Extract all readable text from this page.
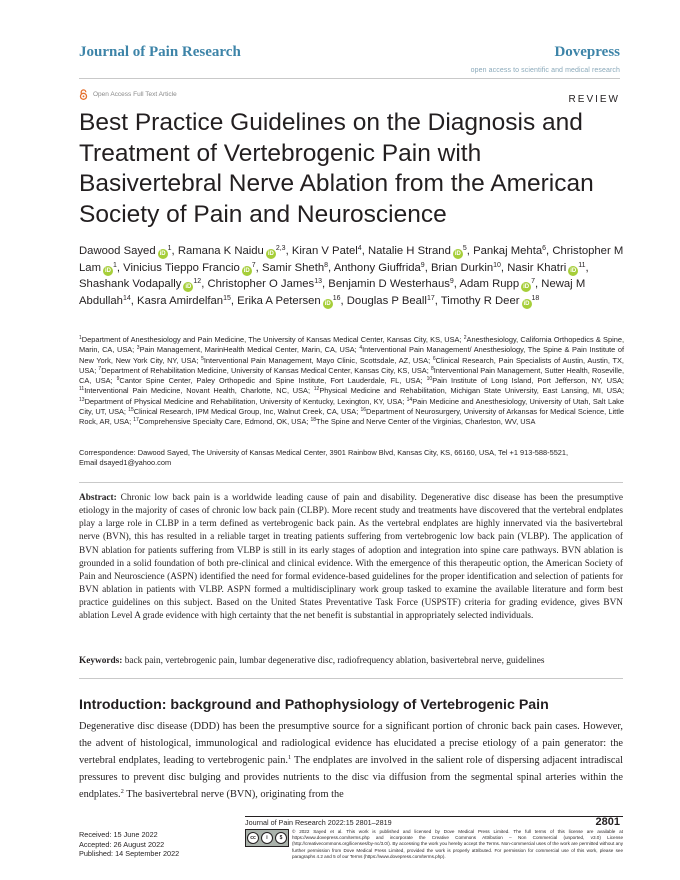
Journal of Pain Research	Dovepress
open access to scientific and medical research
Open Access Full Text Article	REVIEW
Best Practice Guidelines on the Diagnosis and Treatment of Vertebrogenic Pain with Basivertebral Nerve Ablation from the American Society of Pain and Neuroscience
Dawood Sayed $iD^1$, Ramana K Naidu iD$^{2,3}$, Kiran V Patel$^4$, Natalie H Strand $iD^5$, Pankaj Mehta$^6$, Christopher M Lam $iD^1$, Vinicius Tieppo Francio $iD^7$, Samir Sheth$^8$, Anthony Giuffrida$^9$, Brian Durkin$^{10}$, Nasir Khatri $iD^{11}$, Shashank Vodapally $iD^{12}$, Christopher O James$^{13}$, Benjamin D Westerhaus$^9$, Adam Rupp $iD^7$, Newaj M Abdullah$^{14}$, Kasra Amirdelfan$^{15}$, Erika A Petersen $iD^{16}$, Douglas P Beall$^{17}$, Timothy R Deer $iD^{18}$
$^1$Department of Anesthesiology and Pain Medicine, The University of Kansas Medical Center, Kansas City, KS, USA; $^2$Anesthesiology, California Orthopedics & Spine, Marin, CA, USA; $^3$Pain Management, MarinHealth Medical Center, Marin, CA, USA; $^4$Interventional Pain Management/ Anesthesiology, The Spine & Pain Institute of New York, New York City, NY, USA; $^5$Interventional Pain Management, Mayo Clinic, Scottsdale, AZ, USA; $^6$Clinical Research, Pain Specialists of Austin, Austin, TX, USA; $^7$Department of Rehabilitation Medicine, University of Kansas Medical Center, Kansas City, KS, USA; $^8$Interventional Pain Management, Sutter Health, Roseville, CA, USA; $^9$Cantor Spine Center, Paley Orthopedic and Spine Institute, Fort Lauderdale, FL, USA; $^{10}$Pain Institute of Long Island, Port Jefferson, NY, USA; $^{11}$Interventional Pain Medicine, Novant Health, Charlotte, NC, USA; $^{12}$Physical Medicine and Rehabilitation, Michigan State University, East Lansing, MI, USA; $^{13}$Department of Physical Medicine and Rehabilitation, University of Kentucky, Lexington, KY, USA; $^{14}$Pain Medicine and Anesthesiology, University of Utah, Salt Lake City, UT, USA; $^{15}$Clinical Research, IPM Medical Group, Inc, Walnut Creek, CA, USA; $^{16}$Department of Neurosurgery, University of Arkansas for Medical Science, Little Rock, AR, USA; $^{17}$Comprehensive Specialty Care, Edmond, OK, USA; $^{18}$The Spine and Nerve Center of the Virginias, Charleston, WV, USA
Correspondence: Dawood Sayed, The University of Kansas Medical Center, 3901 Rainbow Blvd, Kansas City, KS, 66160, USA, Tel +1 913-588-5521,
Email dsayed1@yahoo.com
Abstract: Chronic low back pain is a worldwide leading cause of pain and disability. Degenerative disc disease has been the presumptive etiology in the majority of cases of chronic low back pain (CLBP). More recent study and treatments have discovered that the vertebral endplates play a large role in CLBP in a term defined as vertebrogenic back pain. As the vertebral endplates are highly innervated via the basivertebral nerve (BVN), this has resulted in a reliable target in treating patients suffering from vertebrogenic low back pain (VLBP). The application of BVN ablation for patients suffering from VLBP is still in its early stages of adoption and integration into spine care pathways. BVN ablation is grounded in a solid foundation of both pre-clinical and clinical evidence. With the emergence of this therapeutic option, the American Society of Pain and Neuroscience (ASPN) identified the need for formal evidence-based guidelines for the proper identification and selection of patients for BVN ablation in patients with VLBP. ASPN formed a multidisciplinary work group tasked to examine the available literature and form best practice guidelines on this subject. Based on the United States Preventative Task Force (USPSTF) criteria for grading evidence, gives BVN ablation Level A grade evidence with high certainty that the net benefit is substantial in appropriately selected individuals.
Keywords: back pain, vertebrogenic pain, lumbar degenerative disc, radiofrequency ablation, basivertebral nerve, guidelines
Introduction: background and Pathophysiology of Vertebrogenic Pain
Degenerative disc disease (DDD) has been the presumptive source for a significant portion of chronic back pain cases. However, the advent of histological, immunological and radiological evidence has elucidated a precise etiology of a pain generator: the vertebral endplates, leading to vertebrogenic pain.$^1$ The endplates are involved in the salient role of dispersing adjacent intradiscal pressures to prevent disc bulging and provides nutrients to the disc via diffusion from the segmental spinal arteries within the endplates.$^2$ The basivertebral nerve (BVN), originating from the
Journal of Pain Research 2022:15 2801–2819	2801
Received: 15 June 2022
Accepted: 26 August 2022
Published: 14 September 2022
cc	i	$
© 2022 Sayed et al. This work is published and licensed by Dove Medical Press Limited. The full terms of this license are available at https://www.dovepress.com/terms.php and incorporate the Creative Commons Attribution – Non Commercial (unported, v3.0) License (http://creativecommons.org/licenses/by-nc/3.0/). By accessing the work you hereby accept the Terms. Non-commercial uses of the work are permitted without any further permission from Dove Medical Press Limited, provided the work is properly attributed. For permission for commercial use of this work, please see paragraphs 4.2 and 5 of our Terms (https://www.dovepress.com/terms.php).
